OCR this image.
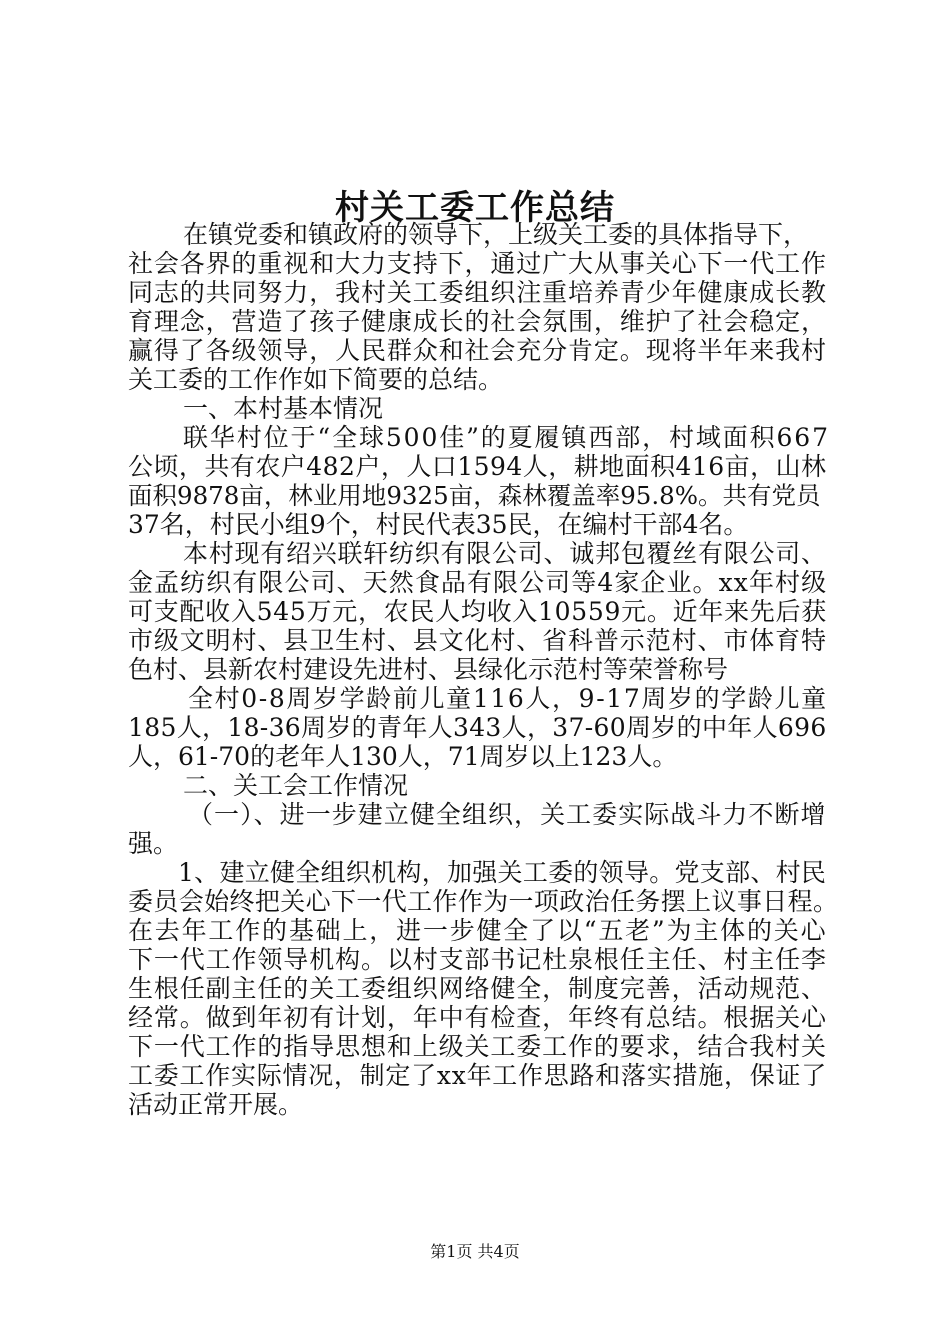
村关工委工作总结
在镇党委和镇政府的领导下，上级关工委的具体指导下，
社会各界的重视和大力支持下，通过广大从事关心下一代工作
同志的共同努力，我村关工委组织注重培养青少年健康成长教
育理念，营造了孩子健康成长的社会氛围，维护了社会稳定，
赢得了各级领导，人民群众和社会充分肯定。现将半年来我村
关工委的工作作如下简要的总结。
一、本村基本情况
联华村位于“全球500佳”的夏履镇西部，村域面积667
公顷，共有农户482户，人口1594人，耕地面积416亩，山林
面积9878亩，林业用地9325亩，森林覆盖率95.8%。共有党员
37名，村民小组9个，村民代表35民，在编村干部4名。
本村现有绍兴联轩纺织有限公司、诚邦包覆丝有限公司、
金孟纺织有限公司、天然食品有限公司等4家企业。xx年村级
可支配收入545万元，农民人均收入10559元。近年来先后获
市级文明村、县卫生村、县文化村、省科普示范村、市体育特
色村、县新农村建设先进村、县绿化示范村等荣誉称号
全村0-8周岁学龄前儿童116人，9-17周岁的学龄儿童
185人，18-36周岁的青年人343人，37-60周岁的中年人696
人，61-70的老年人130人，71周岁以上123人。
二、关工会工作情况
（一）、进一步建立健全组织，关工委实际战斗力不断增
强。
1、建立健全组织机构，加强关工委的领导。党支部、村民
委员会始终把关心下一代工作作为一项政治任务摆上议事日程。
在去年工作的基础上，进一步健全了以“五老”为主体的关心
下一代工作领导机构。以村支部书记杜泉根任主任、村主任李
生根任副主任的关工委组织网络健全，制度完善，活动规范、
经常。做到年初有计划，年中有检查，年终有总结。根据关心
下一代工作的指导思想和上级关工委工作的要求，结合我村关
工委工作实际情况，制定了xx年工作思路和落实措施，保证了
活动正常开展。
第1页 共4页
